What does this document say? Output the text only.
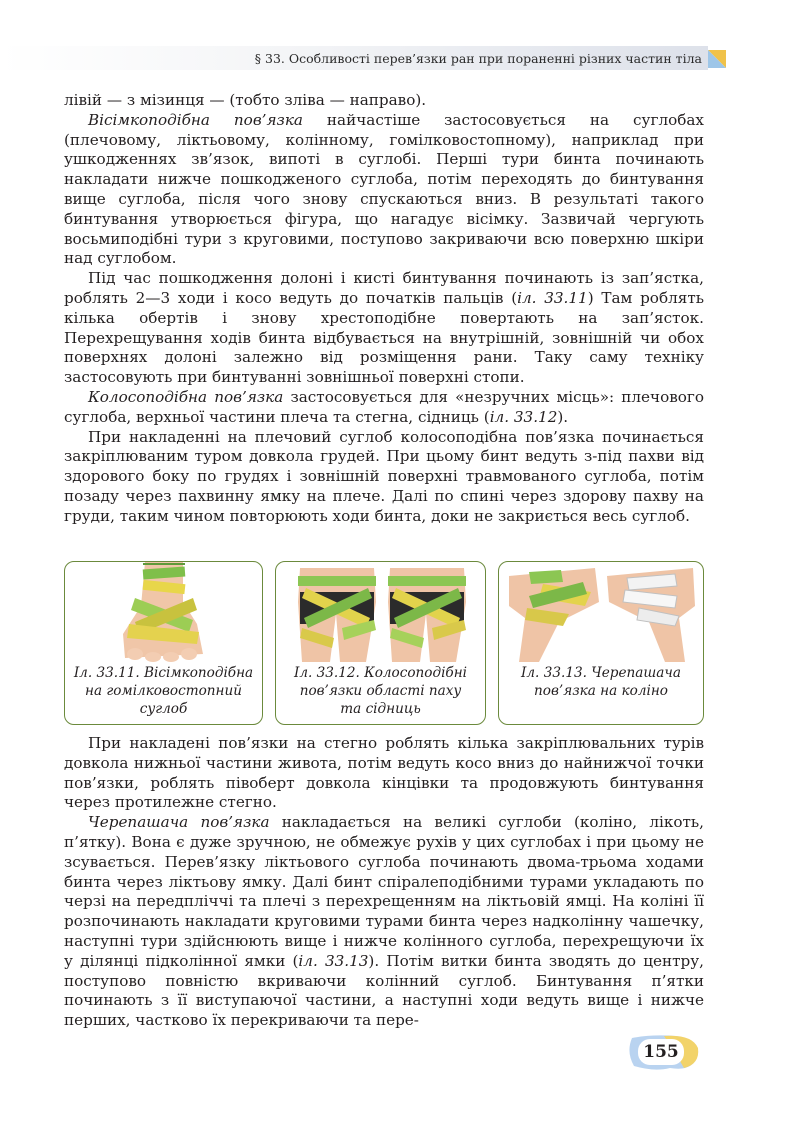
§ 33. Особливості перев’язки ран при пораненні різних частин тіла

лівій — з мізинця — (тобто зліва — направо).

Вісімкоподібна пов’язка найчастіше застосовується на суглобах (плечовому, ліктьовому, колінному, гомілковостопному), наприклад при ушкодженнях зв’язок, випоті в суглобі. Перші тури бинта починають накладати нижче пошкодженого суглоба, потім переходять до бинтування вище суглоба, після чого знову спускаються вниз. В результаті такого бинтування утворюється фігура, що нагадує вісімку. Зазвичай чергують восьмиподібні тури з круговими, поступово закриваючи всю поверхню шкіри над суглобом.

Під час пошкодження долоні і кисті бинтування починають із зап’ястка, роблять 2—3 ходи і косо ведуть до початків пальців (іл. 33.11) Там роблять кілька обертів і знову хрестоподібне повертають на зап’ясток. Перехрещування ходів бинта відбувається на внутрішній, зовнішній чи обох поверхнях долоні залежно від розміщення рани. Таку саму техніку застосовують при бинтуванні зовнішньої поверхні стопи.

Колосоподібна пов’язка застосовується для «незручних місць»: плечового суглоба, верхньої частини плеча та стегна, сідниць (іл. 33.12).

При накладенні на плечовий суглоб колосоподібна пов’язка починається закріплюваним туром довкола грудей. При цьому бинт ведуть з-під пахви від здорового боку по грудях і зовнішній поверхні травмованого суглоба, потім позаду через пахвинну ямку на плече. Далі по спині через здорову пахву на груди, таким чином повторюють ходи бинта, доки не закриється весь суглоб.

Іл. 33.11. Вісімкоподібна
на гомілковостопний
суглоб
Іл. 33.12. Колосоподібні
пов’язки області паху
та сідниць
Іл. 33.13. Черепашача
пов’язка на коліно

При накладені пов’язки на стегно роблять кілька закріплювальних турів довкола нижньої частини живота, потім ведуть косо вниз до найнижчої точки пов’язки, роблять півоберт довкола кінцівки та продовжують бинтування через протилежне стегно.

Черепашача пов’язка накладається на великі суглоби (коліно, лікоть, п’ятку). Вона є дуже зручною, не обмежує рухів у цих суглобах і при цьому не зсувається. Перев’язку ліктьового суглоба починають двома-трьома ходами бинта через ліктьову ямку. Далі бинт спіралеподібними турами укладають по черзі на передпліччі та плечі з перехрещенням на ліктьовій ямці. На коліні її розпочинають накладати круговими турами бинта через надколінну чашечку, наступні тури здійснюють вище і нижче колінного суглоба, перехрещуючи їх у ділянці підколінної ямки (іл. 33.13). Потім витки бинта зводять до центру, поступово повністю вкриваючи колінний суглоб. Бинтування п’ятки починають з її виступаючої частини, а наступні ходи ведуть вище і нижче перших, частково їх перекриваючи та пере-

155
